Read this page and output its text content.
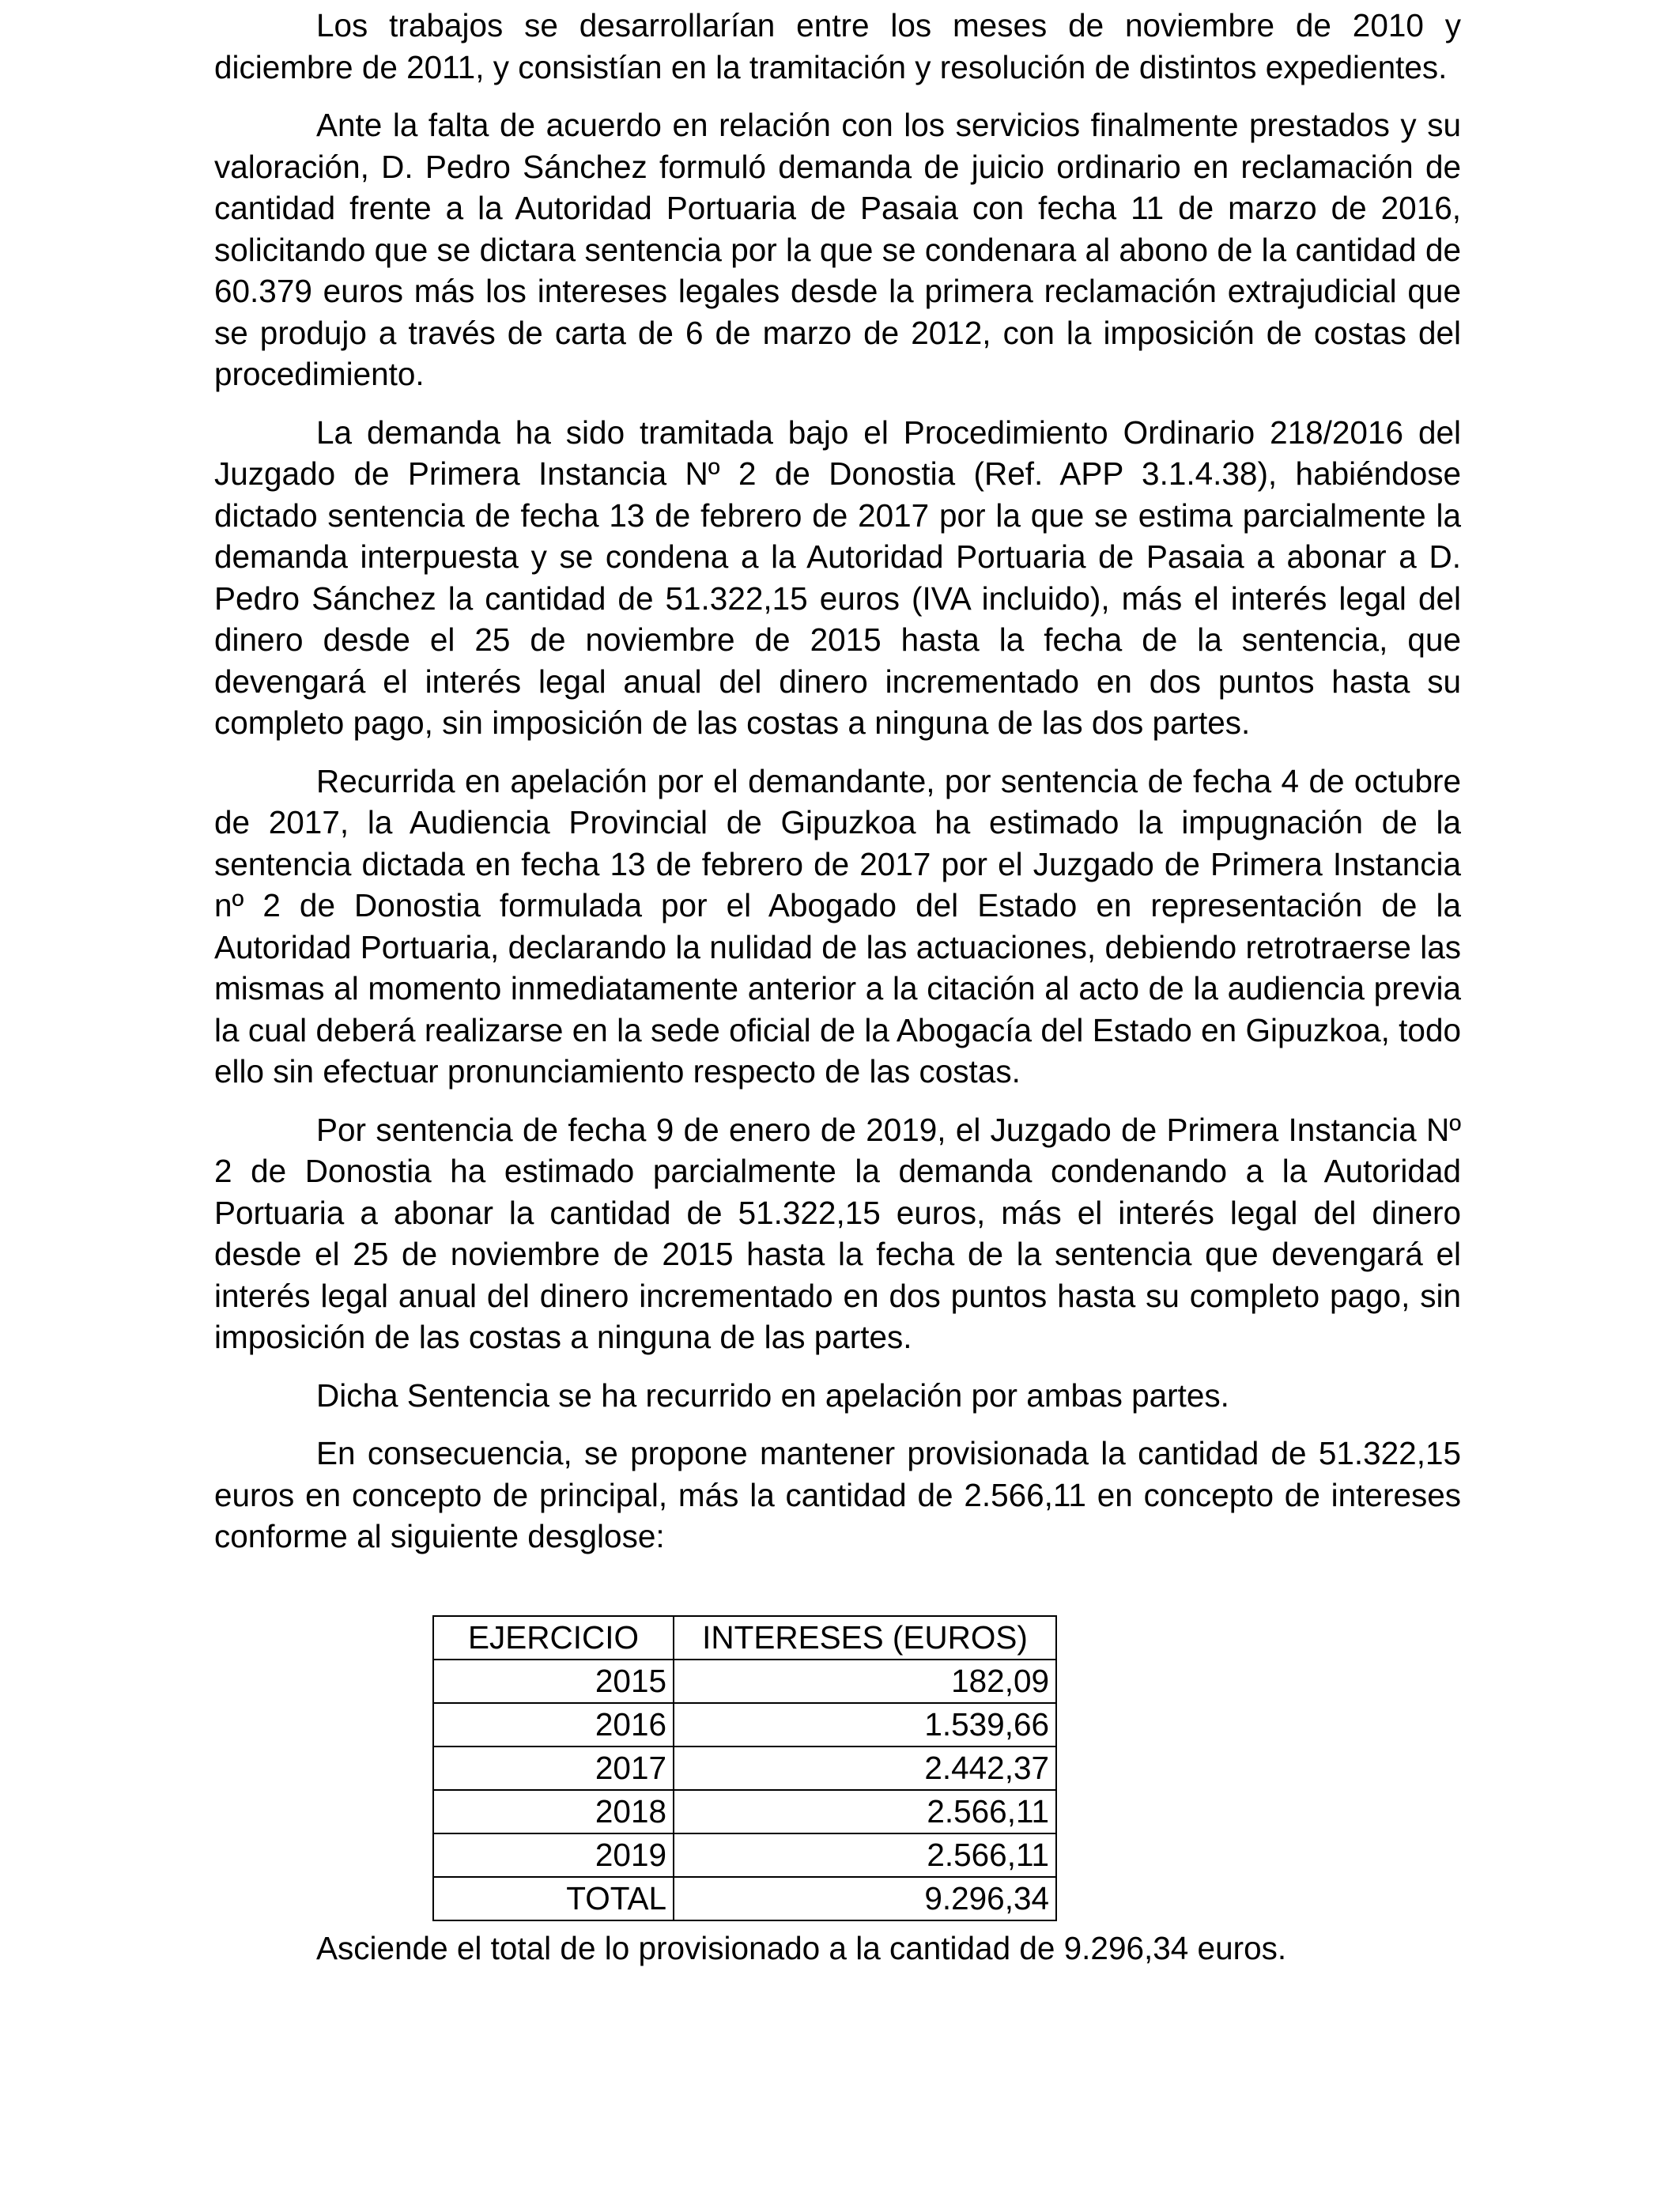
Los trabajos se desarrollarían entre los meses de noviembre de 2010 y diciembre de 2011, y consistían en la tramitación y resolución de distintos expedientes.

Ante la falta de acuerdo en relación con los servicios finalmente prestados y su valoración, D. Pedro Sánchez formuló demanda de juicio ordinario en reclamación de cantidad frente a la Autoridad Portuaria de Pasaia con fecha 11 de marzo de 2016, solicitando que se dictara sentencia por la que se condenara al abono de la cantidad de 60.379 euros más los intereses legales desde la primera reclamación extrajudicial que se produjo a través de carta de 6 de marzo de 2012, con la imposición de costas del procedimiento.

La demanda ha sido tramitada bajo el Procedimiento Ordinario 218/2016 del Juzgado de Primera Instancia Nº 2 de Donostia (Ref. APP 3.1.4.38), habiéndose dictado sentencia de fecha 13 de febrero de 2017 por la que se estima parcialmente la demanda interpuesta y se condena a la Autoridad Portuaria de Pasaia a abonar a D. Pedro Sánchez la cantidad de 51.322,15 euros (IVA incluido), más el interés legal del dinero desde el 25 de noviembre de 2015 hasta la fecha de la sentencia, que devengará el interés legal anual del dinero incrementado en dos puntos hasta su completo pago, sin imposición de las costas a ninguna de las dos partes.

Recurrida en apelación por el demandante, por sentencia de fecha 4 de octubre de 2017, la Audiencia Provincial de Gipuzkoa ha estimado la impugnación de la sentencia dictada en fecha 13 de febrero de 2017 por el Juzgado de Primera Instancia nº 2 de Donostia formulada por el Abogado del Estado en representación de la Autoridad Portuaria, declarando la nulidad de las actuaciones, debiendo retrotraerse las mismas al momento inmediatamente anterior a la citación al acto de la audiencia previa la cual deberá realizarse en la sede oficial de la Abogacía del Estado en Gipuzkoa, todo ello sin efectuar pronunciamiento respecto de las costas.

Por sentencia de fecha 9 de enero de 2019, el Juzgado de Primera Instancia Nº 2 de Donostia ha estimado parcialmente la demanda condenando a la Autoridad Portuaria a abonar la cantidad de 51.322,15 euros, más el interés legal del dinero desde el 25 de noviembre de 2015 hasta la fecha de la sentencia que devengará el interés legal anual del dinero incrementado en dos puntos hasta su completo pago, sin imposición de las costas a ninguna de las partes.

Dicha Sentencia se ha recurrido en apelación por ambas partes.

En consecuencia, se propone mantener provisionada la cantidad de 51.322,15 euros en concepto de principal, más la cantidad de 2.566,11 en concepto de intereses conforme al siguiente desglose:

EJERCICIO	INTERESES (EUROS)
2015	182,09
2016	1.539,66
2017	2.442,37
2018	2.566,11
2019	2.566,11
TOTAL	9.296,34

Asciende el total de lo provisionado a la cantidad de 9.296,34 euros.
